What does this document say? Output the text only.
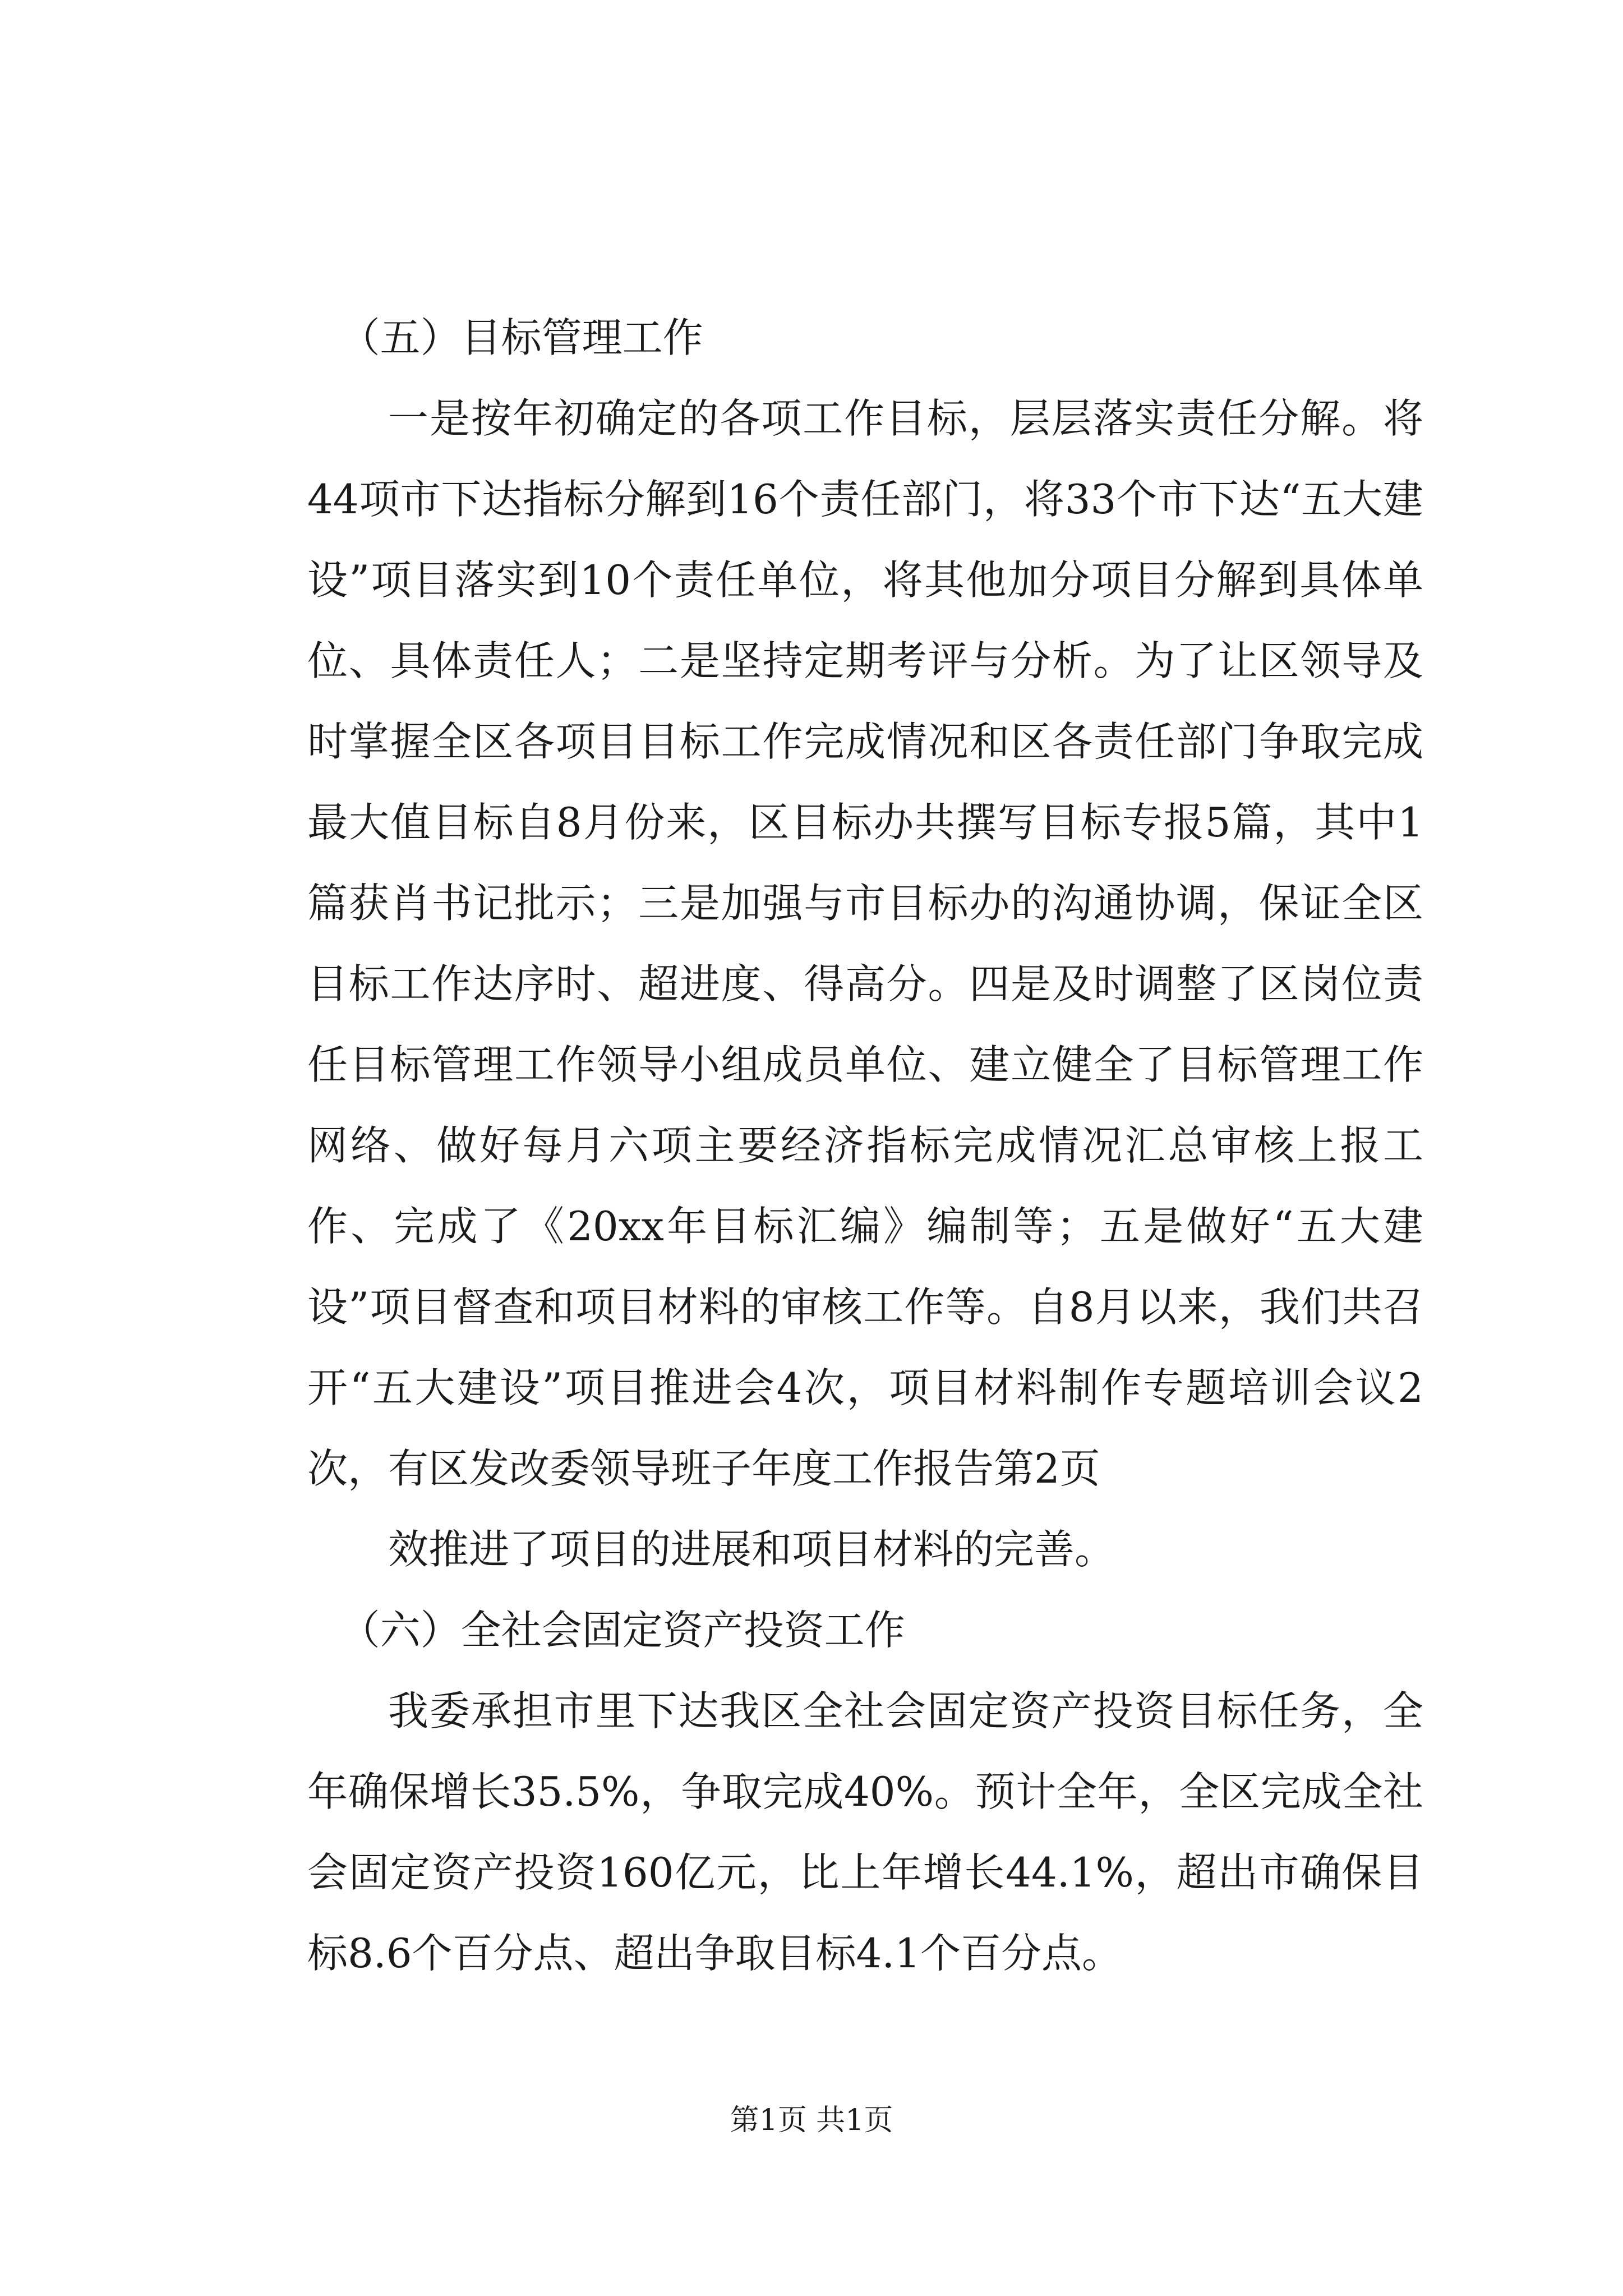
（五）目标管理工作

一是按年初确定的各项工作目标，层层落实责任分解。将44项市下达指标分解到16个责任部门，将33个市下达“五大建设”项目落实到10个责任单位，将其他加分项目分解到具体单位、具体责任人；二是坚持定期考评与分析。为了让区领导及时掌握全区各项目目标工作完成情况和区各责任部门争取完成最大值目标自8月份来，区目标办共撰写目标专报5篇，其中1篇获肖书记批示；三是加强与市目标办的沟通协调，保证全区目标工作达序时、超进度、得高分。四是及时调整了区岗位责任目标管理工作领导小组成员单位、建立健全了目标管理工作网络、做好每月六项主要经济指标完成情况汇总审核上报工作、完成了《20xx年目标汇编》编制等；五是做好“五大建设”项目督查和项目材料的审核工作等。自8月以来，我们共召开“五大建设”项目推进会4次，项目材料制作专题培训会议2次，有区发改委领导班子年度工作报告第2页

效推进了项目的进展和项目材料的完善。

（六）全社会固定资产投资工作

我委承担市里下达我区全社会固定资产投资目标任务，全年确保增长35.5%，争取完成40%。预计全年，全区完成全社会固定资产投资160亿元，比上年增长44.1%，超出市确保目标8.6个百分点、超出争取目标4.1个百分点。

第1页 共1页
